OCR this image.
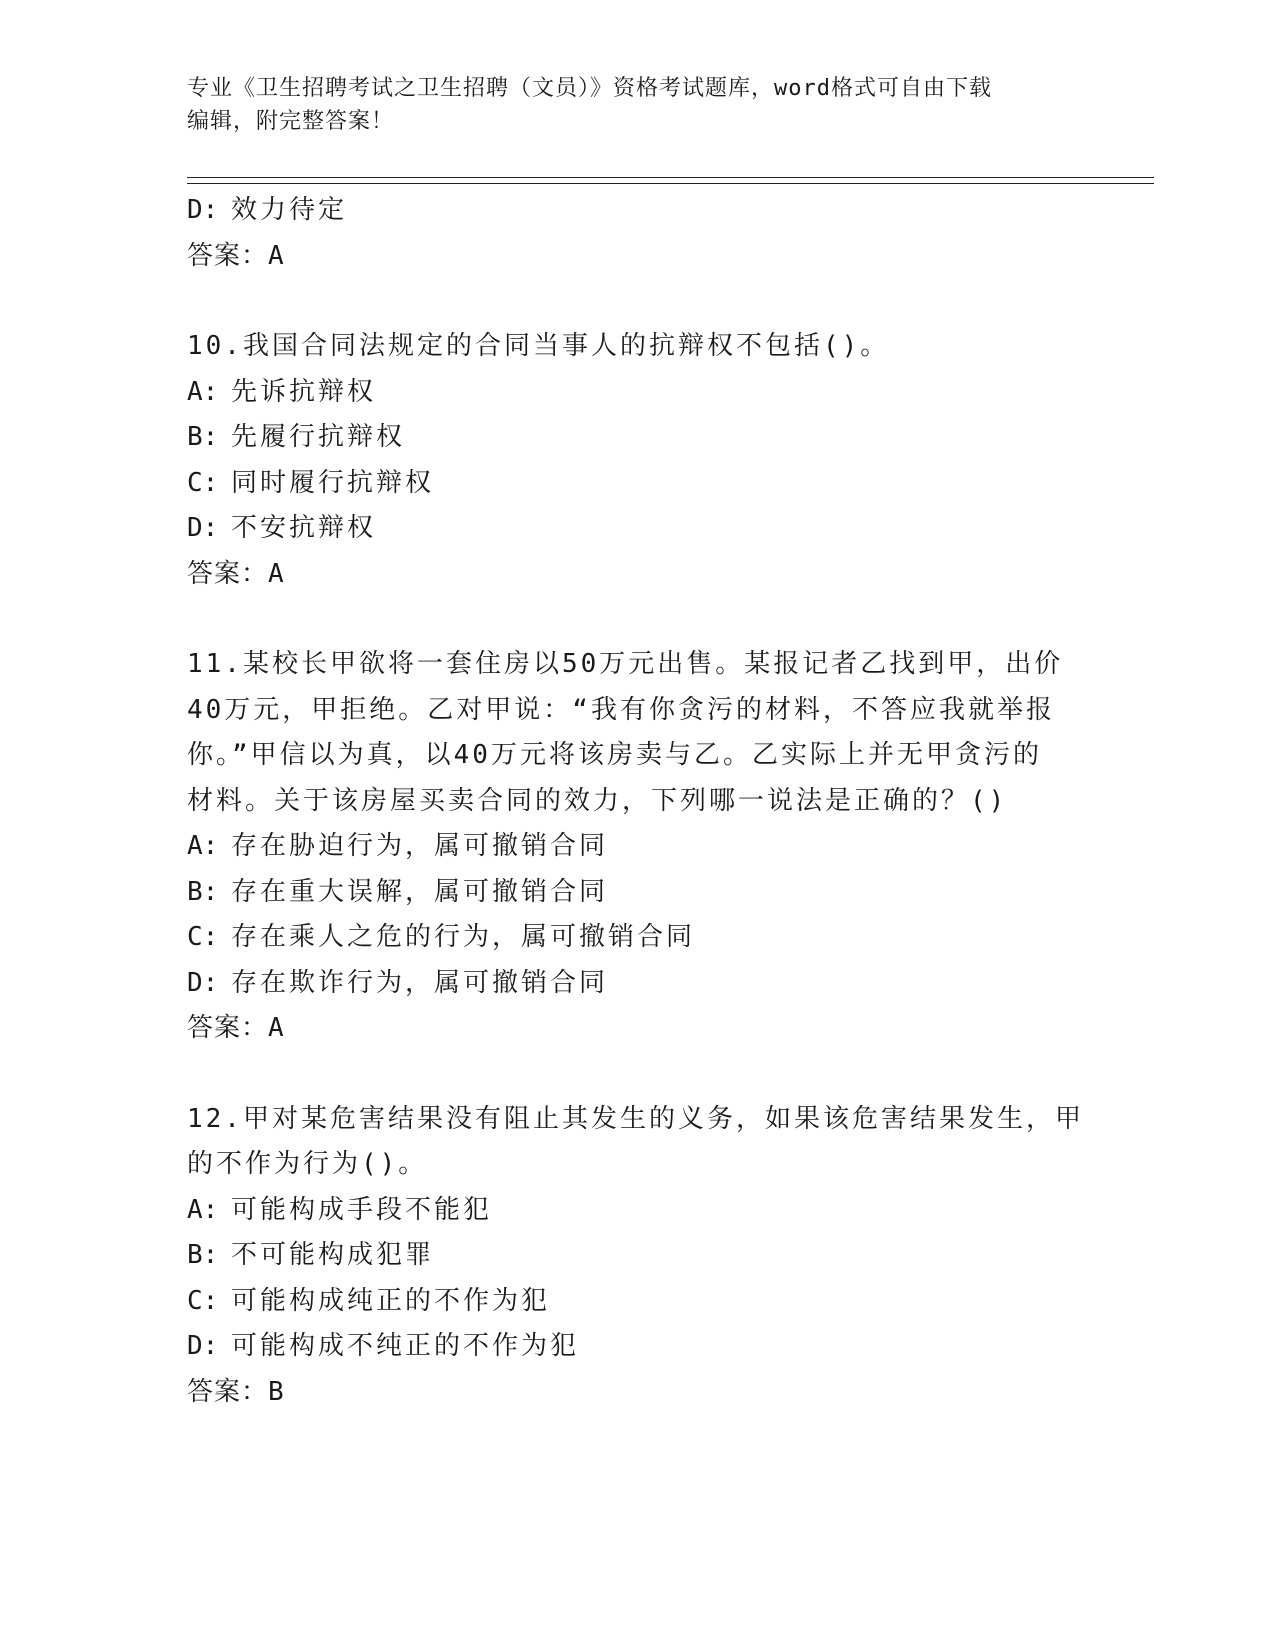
专业《卫生招聘考试之卫生招聘（文员）》资格考试题库，word格式可自由下载
编辑，附完整答案！
D: 效力待定
答案：A
10.我国合同法规定的合同当事人的抗辩权不包括()。
A: 先诉抗辩权
B: 先履行抗辩权
C: 同时履行抗辩权
D: 不安抗辩权
答案：A
11.某校长甲欲将一套住房以50万元出售。某报记者乙找到甲，出价
40万元，甲拒绝。乙对甲说：“我有你贪污的材料，不答应我就举报
你。”甲信以为真，以40万元将该房卖与乙。乙实际上并无甲贪污的
材料。关于该房屋买卖合同的效力，下列哪一说法是正确的？()
A: 存在胁迫行为，属可撤销合同
B: 存在重大误解，属可撤销合同
C: 存在乘人之危的行为，属可撤销合同
D: 存在欺诈行为，属可撤销合同
答案：A
12.甲对某危害结果没有阻止其发生的义务，如果该危害结果发生，甲
的不作为行为()。
A: 可能构成手段不能犯
B: 不可能构成犯罪
C: 可能构成纯正的不作为犯
D: 可能构成不纯正的不作为犯
答案：B
